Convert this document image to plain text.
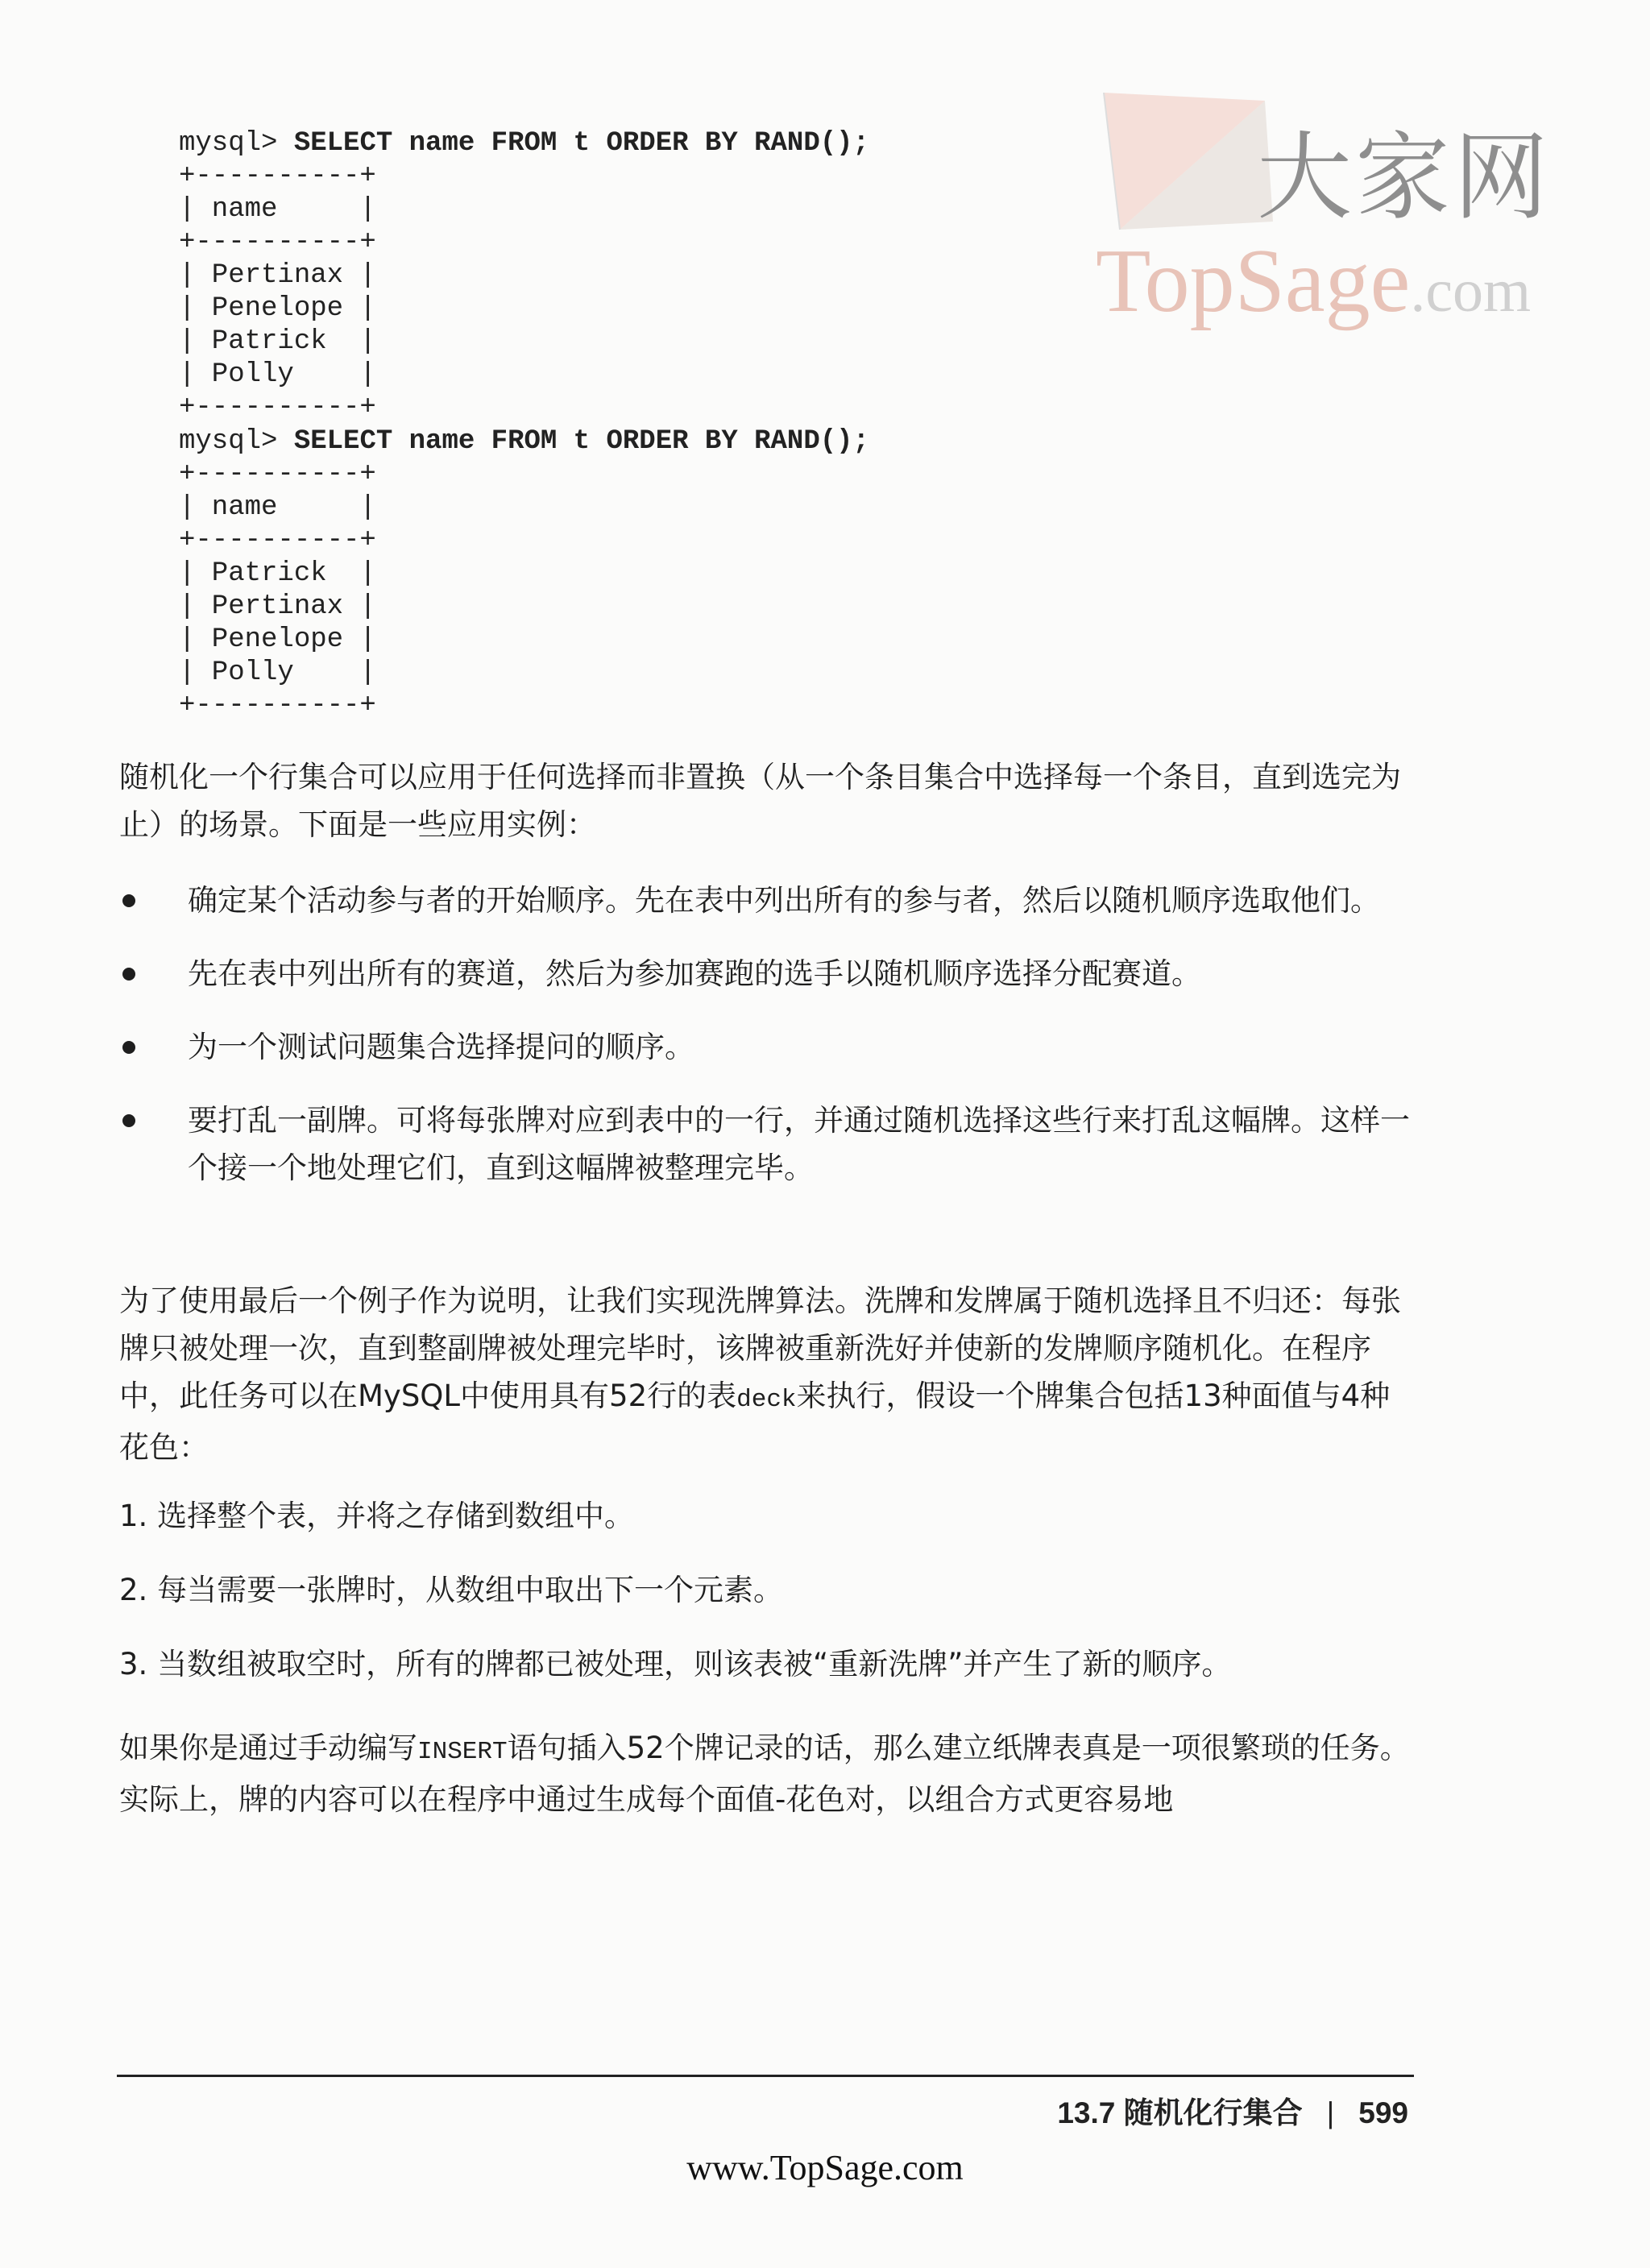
大家网
TopSage.com
mysql> SELECT name FROM t ORDER BY RAND();
+----------+
| name     |
+----------+
| Pertinax |
| Penelope |
| Patrick  |
| Polly    |
+----------+
mysql> SELECT name FROM t ORDER BY RAND();
+----------+
| name     |
+----------+
| Patrick  |
| Pertinax |
| Penelope |
| Polly    |
+----------+
随机化一个行集合可以应用于任何选择而非置换（从一个条目集合中选择每一个条目，直到选完为止）的场景。下面是一些应用实例：
确定某个活动参与者的开始顺序。先在表中列出所有的参与者，然后以随机顺序选取他们。
先在表中列出所有的赛道，然后为参加赛跑的选手以随机顺序选择分配赛道。
为一个测试问题集合选择提问的顺序。
要打乱一副牌。可将每张牌对应到表中的一行，并通过随机选择这些行来打乱这幅牌。这样一个接一个地处理它们，直到这幅牌被整理完毕。
为了使用最后一个例子作为说明，让我们实现洗牌算法。洗牌和发牌属于随机选择且不归还：每张牌只被处理一次，直到整副牌被处理完毕时，该牌被重新洗好并使新的发牌顺序随机化。在程序中，此任务可以在MySQL中使用具有52行的表deck来执行，假设一个牌集合包括13种面值与4种花色：
1. 选择整个表，并将之存储到数组中。
2. 每当需要一张牌时，从数组中取出下一个元素。
3. 当数组被取空时，所有的牌都已被处理，则该表被“重新洗牌”并产生了新的顺序。
如果你是通过手动编写INSERT语句插入52个牌记录的话，那么建立纸牌表真是一项很繁琐的任务。实际上，牌的内容可以在程序中通过生成每个面值-花色对，以组合方式更容易地
13.7 随机化行集合 | 599
www.TopSage.com
